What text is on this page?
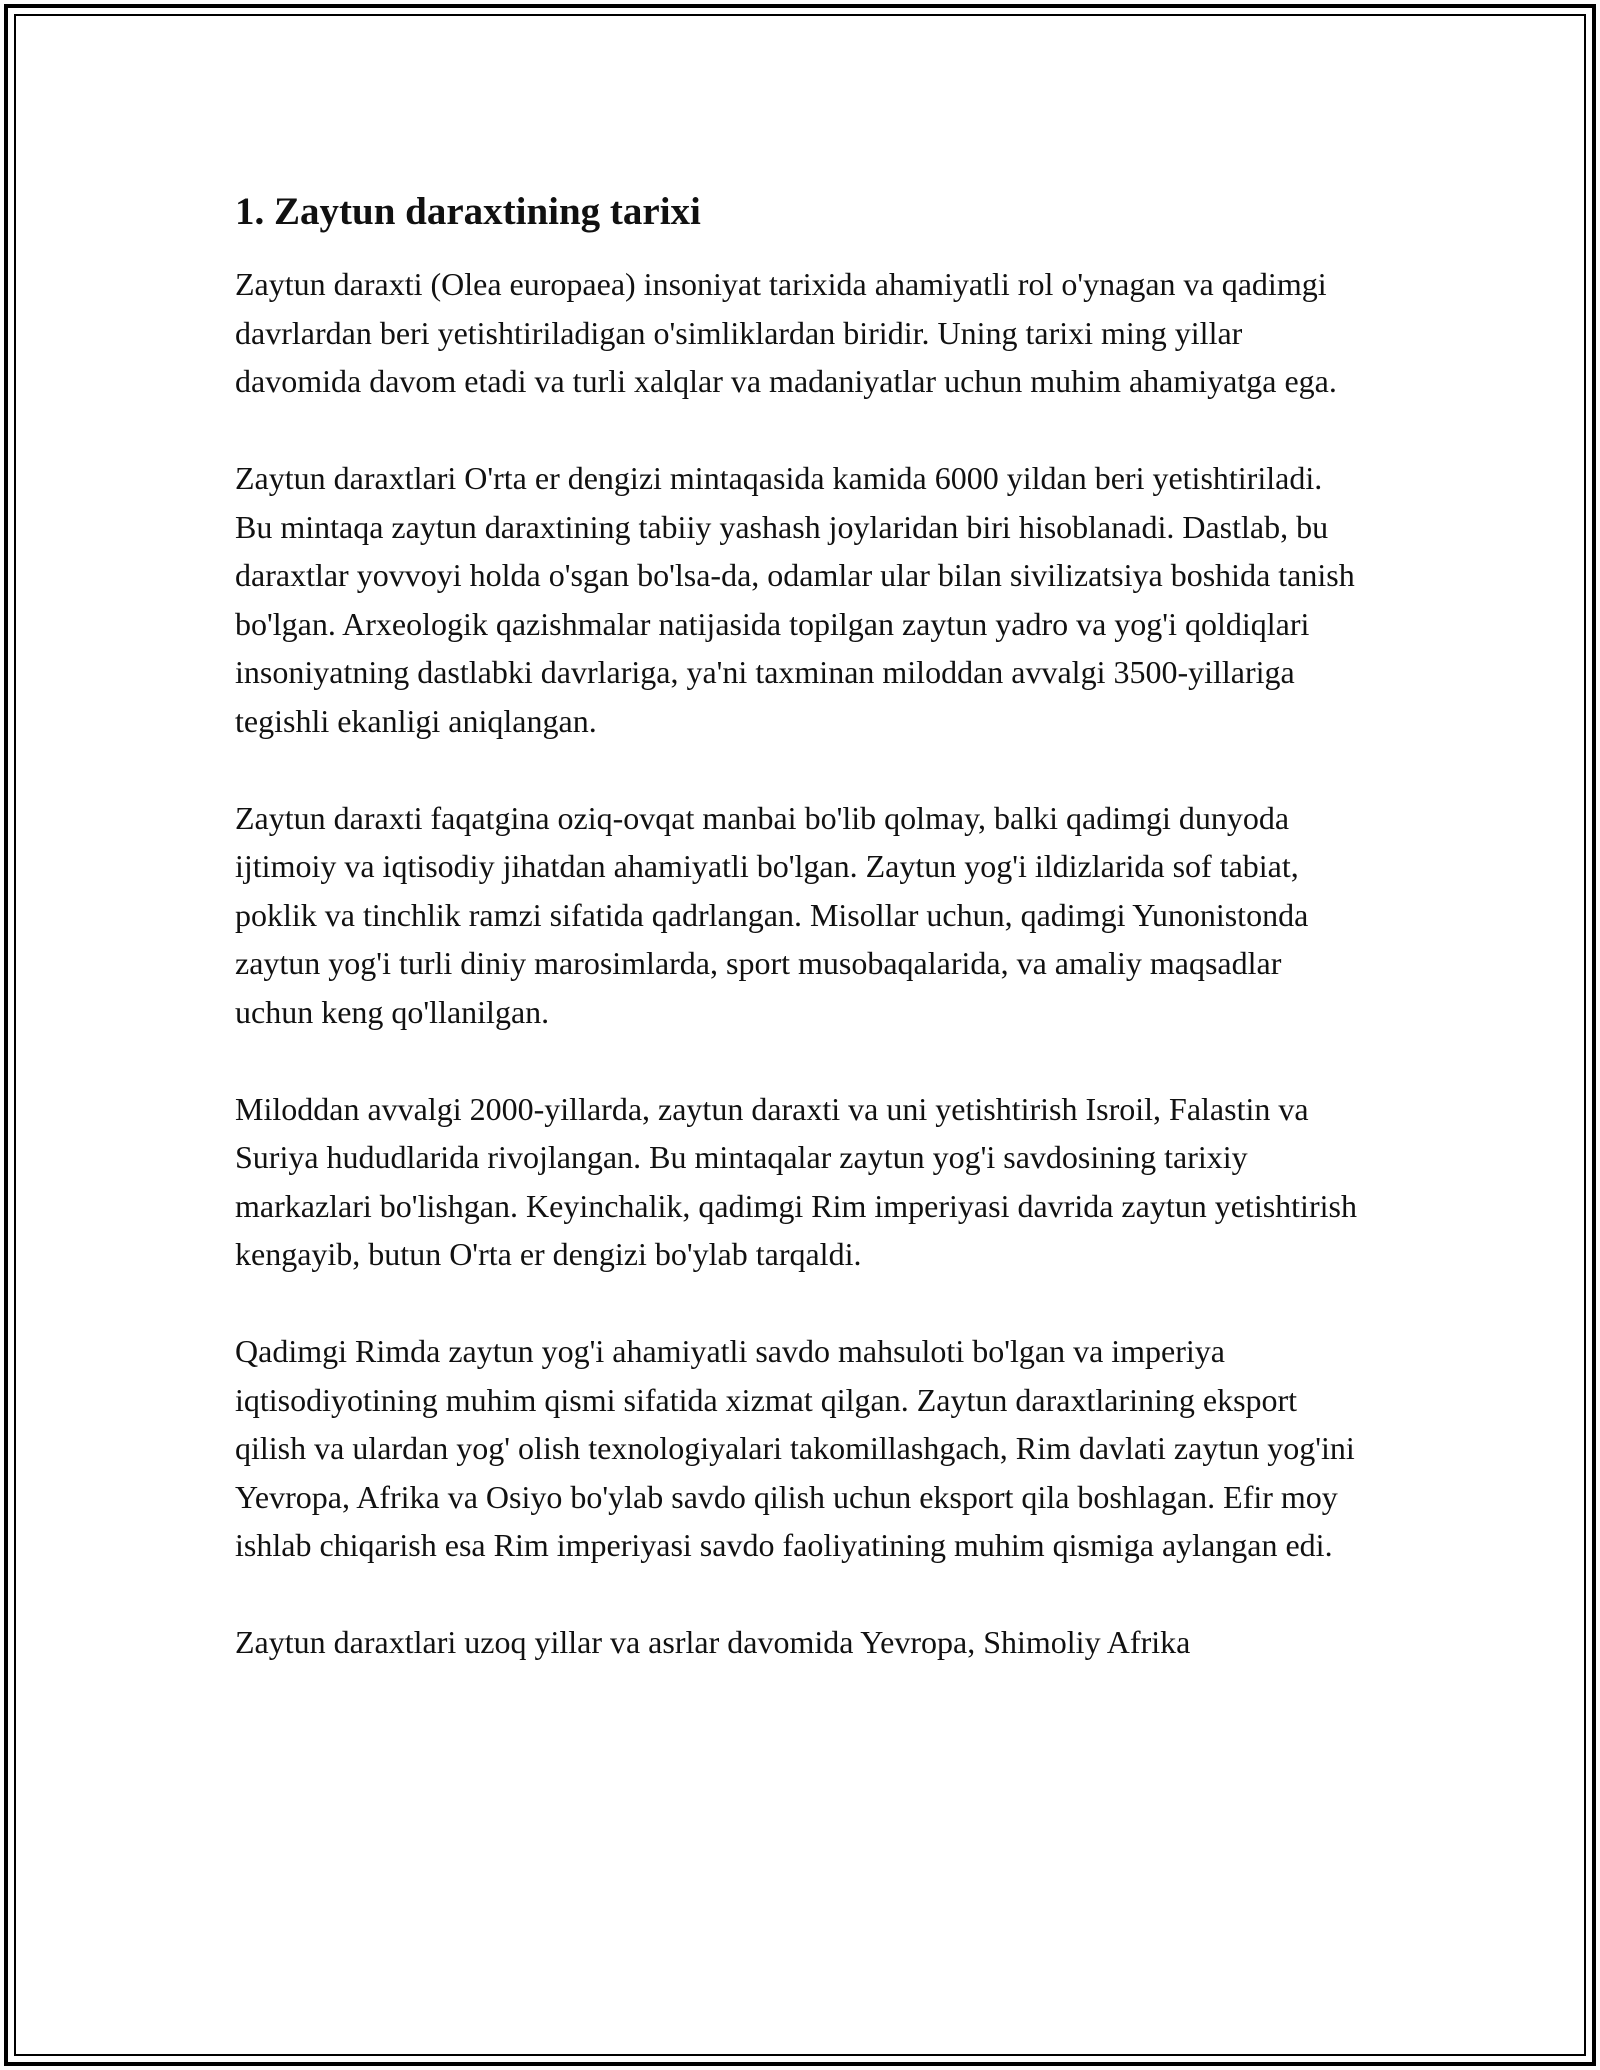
1. Zaytun daraxtining tarixi

Zaytun daraxti (Olea europaea) insoniyat tarixida ahamiyatli rol o'ynagan va qadimgi davrlardan beri yetishtiriladigan o'simliklardan biridir. Uning tarixi ming yillar davomida davom etadi va turli xalqlar va madaniyatlar uchun muhim ahamiyatga ega.

Zaytun daraxtlari O'rta er dengizi mintaqasida kamida 6000 yildan beri yetishtiriladi. Bu mintaqa zaytun daraxtining tabiiy yashash joylaridan biri hisoblanadi. Dastlab, bu daraxtlar yovvoyi holda o'sgan bo'lsa-da, odamlar ular bilan sivilizatsiya boshida tanish bo'lgan. Arxeologik qazishmalar natijasida topilgan zaytun yadro va yog'i qoldiqlari insoniyatning dastlabki davrlariga, ya'ni taxminan miloddan avvalgi 3500-yillariga tegishli ekanligi aniqlangan.

Zaytun daraxti faqatgina oziq-ovqat manbai bo'lib qolmay, balki qadimgi dunyoda ijtimoiy va iqtisodiy jihatdan ahamiyatli bo'lgan. Zaytun yog'i ildizlarida sof tabiat, poklik va tinchlik ramzi sifatida qadrlangan. Misollar uchun, qadimgi Yunonistonda zaytun yog'i turli diniy marosimlarda, sport musobaqalarida, va amaliy maqsadlar uchun keng qo'llanilgan.

Miloddan avvalgi 2000-yillarda, zaytun daraxti va uni yetishtirish Isroil, Falastin va Suriya hududlarida rivojlangan. Bu mintaqalar zaytun yog'i savdosining tarixiy markazlari bo'lishgan. Keyinchalik, qadimgi Rim imperiyasi davrida zaytun yetishtirish kengayib, butun O'rta er dengizi bo'ylab tarqaldi.

Qadimgi Rimda zaytun yog'i ahamiyatli savdo mahsuloti bo'lgan va imperiya iqtisodiyotining muhim qismi sifatida xizmat qilgan. Zaytun daraxtlarining eksport qilish va ulardan yog' olish texnologiyalari takomillashgach, Rim davlati zaytun yog'ini Yevropa, Afrika va Osiyo bo'ylab savdo qilish uchun eksport qila boshlagan. Efir moy ishlab chiqarish esa Rim imperiyasi savdo faoliyatining muhim qismiga aylangan edi.

Zaytun daraxtlari uzoq yillar va asrlar davomida Yevropa, Shimoliy Afrika
